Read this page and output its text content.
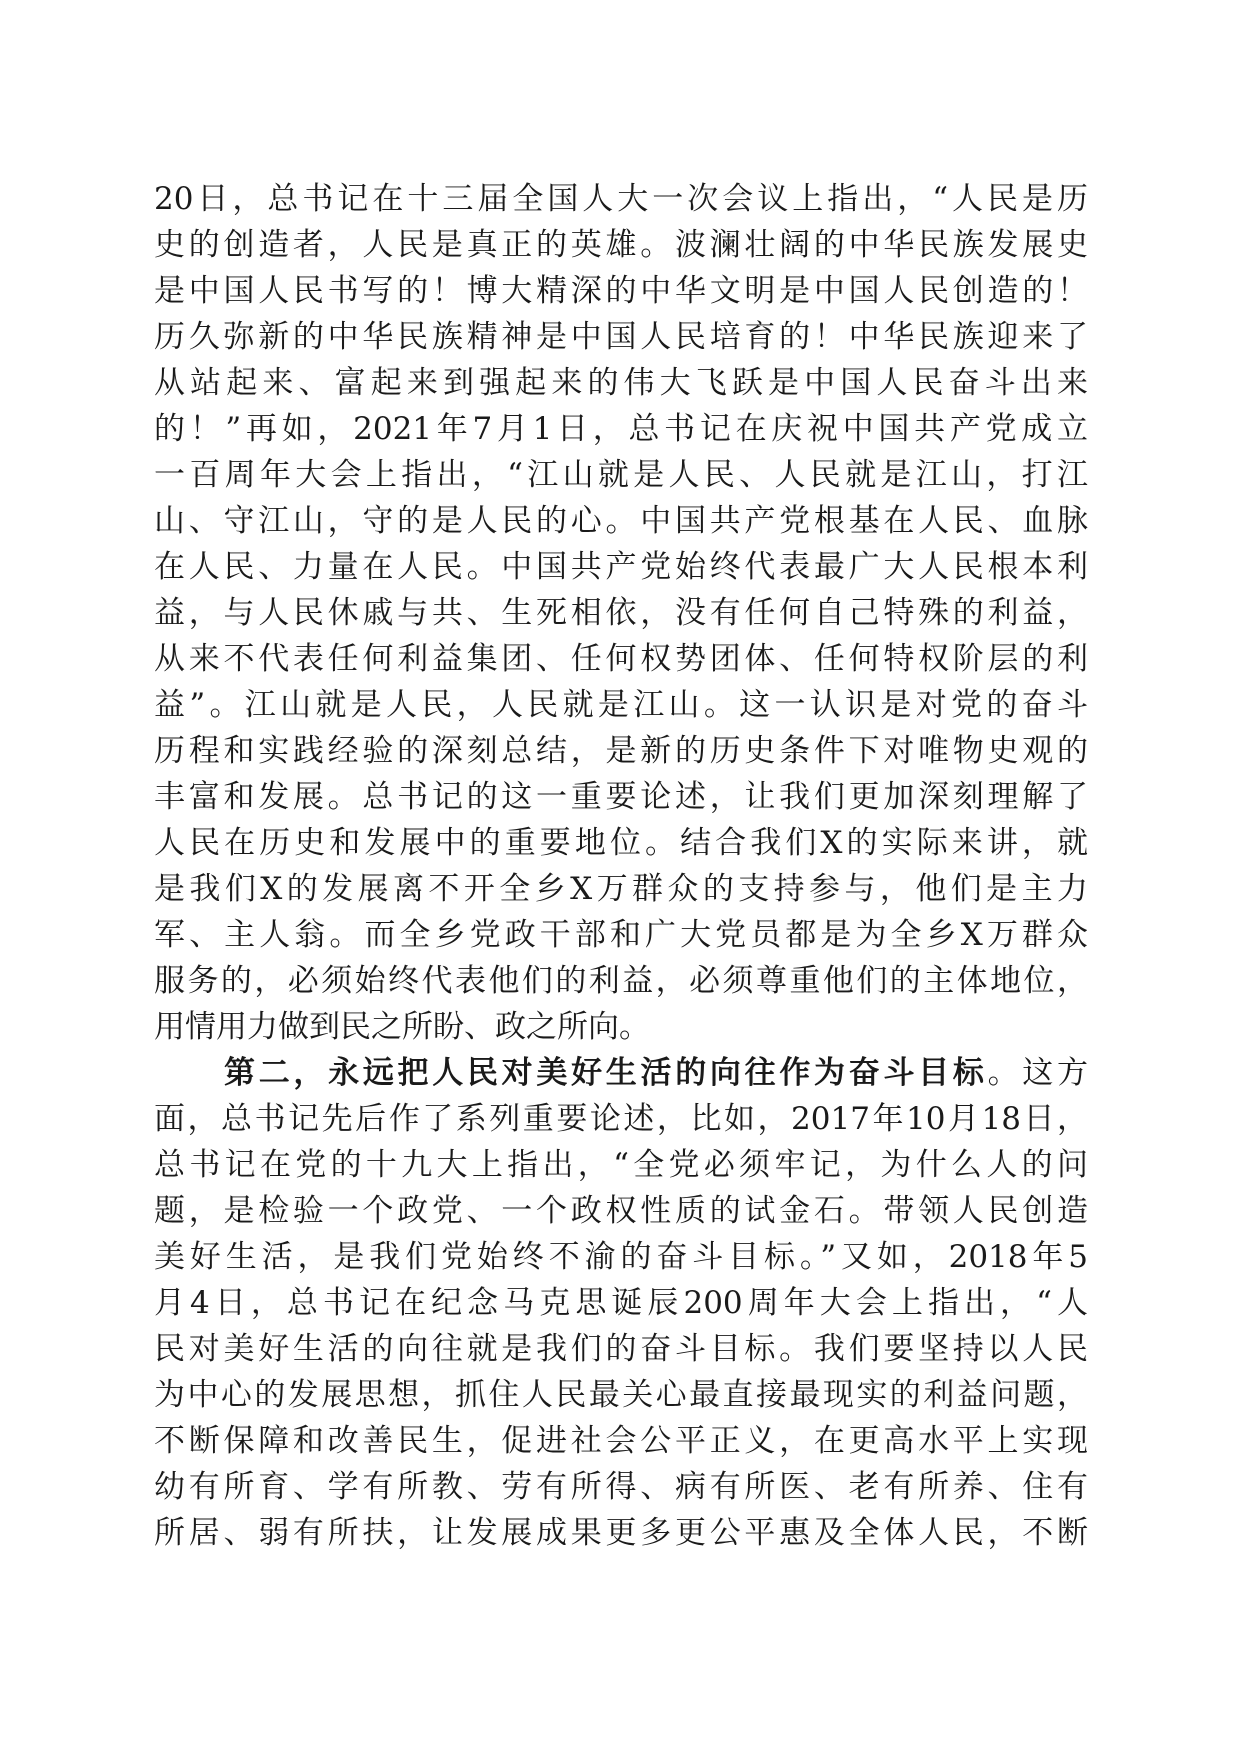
20日，总书记在十三届全国人大一次会议上指出，“人民是历
史的创造者，人民是真正的英雄。波澜壮阔的中华民族发展史
是中国人民书写的！博大精深的中华文明是中国人民创造的！
历久弥新的中华民族精神是中国人民培育的！中华民族迎来了
从站起来、富起来到强起来的伟大飞跃是中国人民奋斗出来
的！”再如，2021年7月1日，总书记在庆祝中国共产党成立
一百周年大会上指出，“江山就是人民、人民就是江山，打江
山、守江山，守的是人民的心。中国共产党根基在人民、血脉
在人民、力量在人民。中国共产党始终代表最广大人民根本利
益，与人民休戚与共、生死相依，没有任何自己特殊的利益，
从来不代表任何利益集团、任何权势团体、任何特权阶层的利
益”。江山就是人民，人民就是江山。这一认识是对党的奋斗
历程和实践经验的深刻总结，是新的历史条件下对唯物史观的
丰富和发展。总书记的这一重要论述，让我们更加深刻理解了
人民在历史和发展中的重要地位。结合我们X的实际来讲，就
是我们X的发展离不开全乡X万群众的支持参与，他们是主力
军、主人翁。而全乡党政干部和广大党员都是为全乡X万群众
服务的，必须始终代表他们的利益，必须尊重他们的主体地位，
用情用力做到民之所盼、政之所向。
第二，永远把人民对美好生活的向往作为奋斗目标。这方
面，总书记先后作了系列重要论述，比如，2017年10月18日，
总书记在党的十九大上指出，“全党必须牢记，为什么人的问
题，是检验一个政党、一个政权性质的试金石。带领人民创造
美好生活，是我们党始终不渝的奋斗目标。”又如，2018年5
月4日，总书记在纪念马克思诞辰200周年大会上指出，“人
民对美好生活的向往就是我们的奋斗目标。我们要坚持以人民
为中心的发展思想，抓住人民最关心最直接最现实的利益问题，
不断保障和改善民生，促进社会公平正义，在更高水平上实现
幼有所育、学有所教、劳有所得、病有所医、老有所养、住有
所居、弱有所扶，让发展成果更多更公平惠及全体人民，不断
